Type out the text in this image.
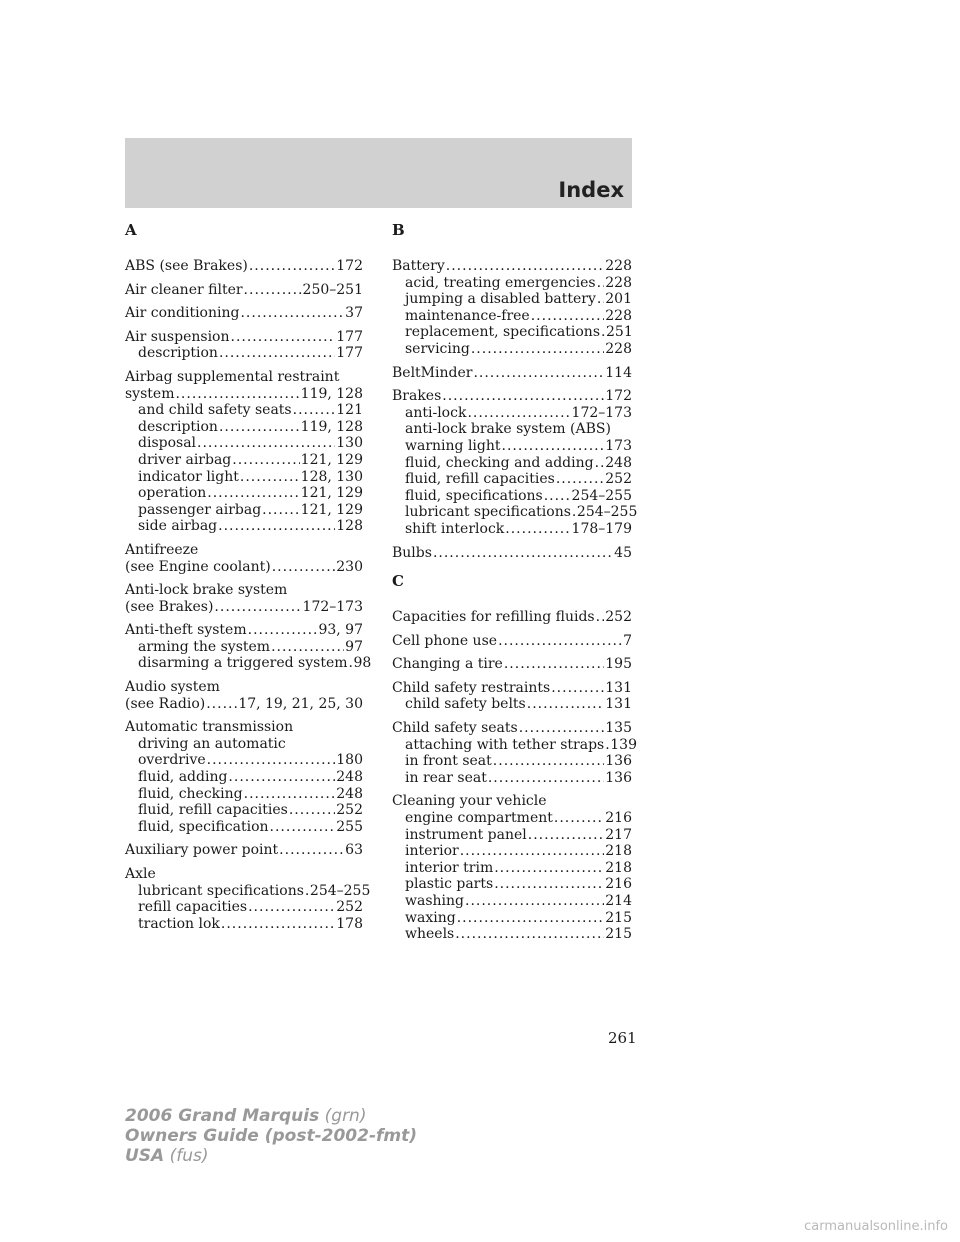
Index
A
ABS (see Brakes) .....	172
Air cleaner filter .....	250–251
Air conditioning .....	37
Air suspension .....	177
description .....	177
Airbag supplemental restraint
system .....	119, 128
and child safety seats .....	121
description .....	119, 128
disposal .....	130
driver airbag .....	121, 129
indicator light .....	128, 130
operation .....	121, 129
passenger airbag .....	121, 129
side airbag .....	128
Antifreeze
(see Engine coolant) .....	230
Anti-lock brake system
(see Brakes) .....	172–173
Anti-theft system .....	93, 97
arming the system .....	97
disarming a triggered system ..... 98
Audio system
(see Radio) ..... 17, 19, 21, 25, 30
Automatic transmission
driving an automatic
overdrive .....	180
fluid, adding .....	248
fluid, checking .....	248
fluid, refill capacities .....	252
fluid, specification .....	255
Auxiliary power point .....	63
Axle
lubricant specifications ..... 254–255
refill capacities .....	252
traction lok .....	178
B
Battery .....	228
acid, treating emergencies ..... 228
jumping a disabled battery ..... 201
maintenance-free .....	228
replacement, specifications ..... 251
servicing .....	228
BeltMinder .....	114
Brakes .....	172
anti-lock .....	172–173
anti-lock brake system (ABS)
warning light .....	173
fluid, checking and adding ..... 248
fluid, refill capacities .....	252
fluid, specifications ..... 254–255
lubricant specifications ..... 254–255
shift interlock .....	178–179
Bulbs .....	45
C
Capacities for refilling fluids ..... 252
Cell phone use .....	7
Changing a tire .....	195
Child safety restraints .....	131
child safety belts .....	131
Child safety seats .....	135
attaching with tether straps ..... 139
in front seat .....	136
in rear seat .....	136
Cleaning your vehicle
engine compartment .....	216
instrument panel .....	217
interior .....	218
interior trim .....	218
plastic parts .....	216
washing .....	214
waxing .....	215
wheels .....	215
261
2006 Grand Marquis (grn)
Owners Guide (post-2002-fmt)
USA (fus)
carmanualsonline.info
